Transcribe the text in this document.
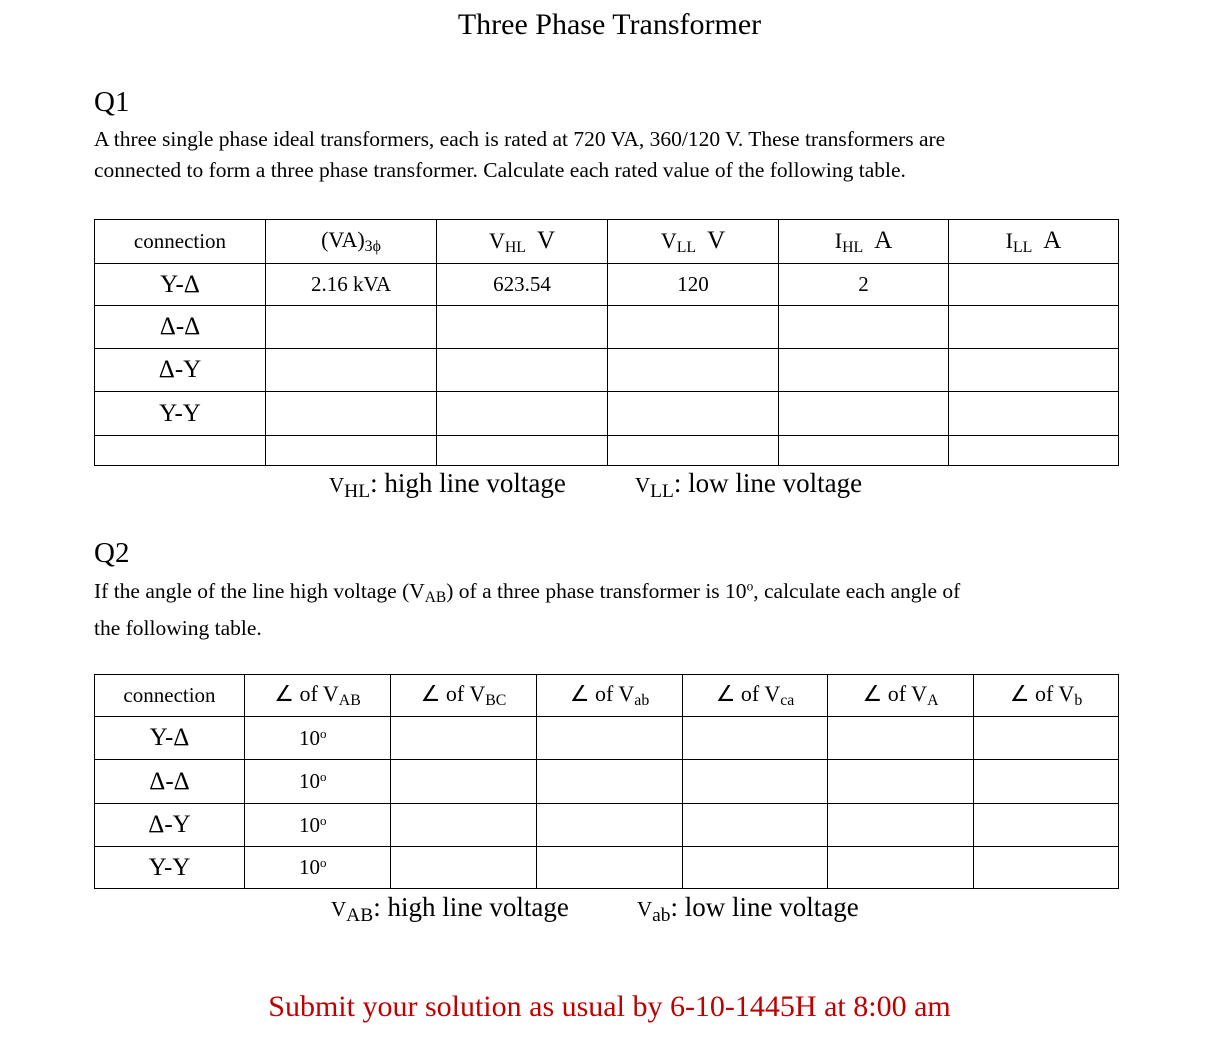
Three Phase Transformer
Q1
A three single phase ideal transformers, each is rated at 720 VA, 360/120 V. These transformers are
connected to form a three phase transformer. Calculate each rated value of the following table.
connection	$(VA)_{3\phi}$	$V_{HL}$ V	$V_{LL}$ V	$I_{HL}$ A	$I_{LL}$ A
Y-Δ	2.16 kVA	623.54	120	2	
Δ-Δ					
Δ-Y					
Y-Y					

$V_{HL}$: high line voltage	$V_{LL}$: low line voltage
Q2
If the angle of the line high voltage $(V_{AB})$ of a three phase transformer is 10$^o$, calculate each angle of
the following table.
connection	∠ of $V_{AB}$	∠ of $V_{BC}$	∠ of $V_{ab}$	∠ of $V_{ca}$	∠ of $V_A$	∠ of $V_b$
Y-Δ	10$^o$					
Δ-Δ	10$^o$					
Δ-Y	10$^o$					
Y-Y	10$^o$					
$V_{AB}$: high line voltage	$V_{ab}$: low line voltage
Submit your solution as usual by 6-10-1445H at 8:00 am
